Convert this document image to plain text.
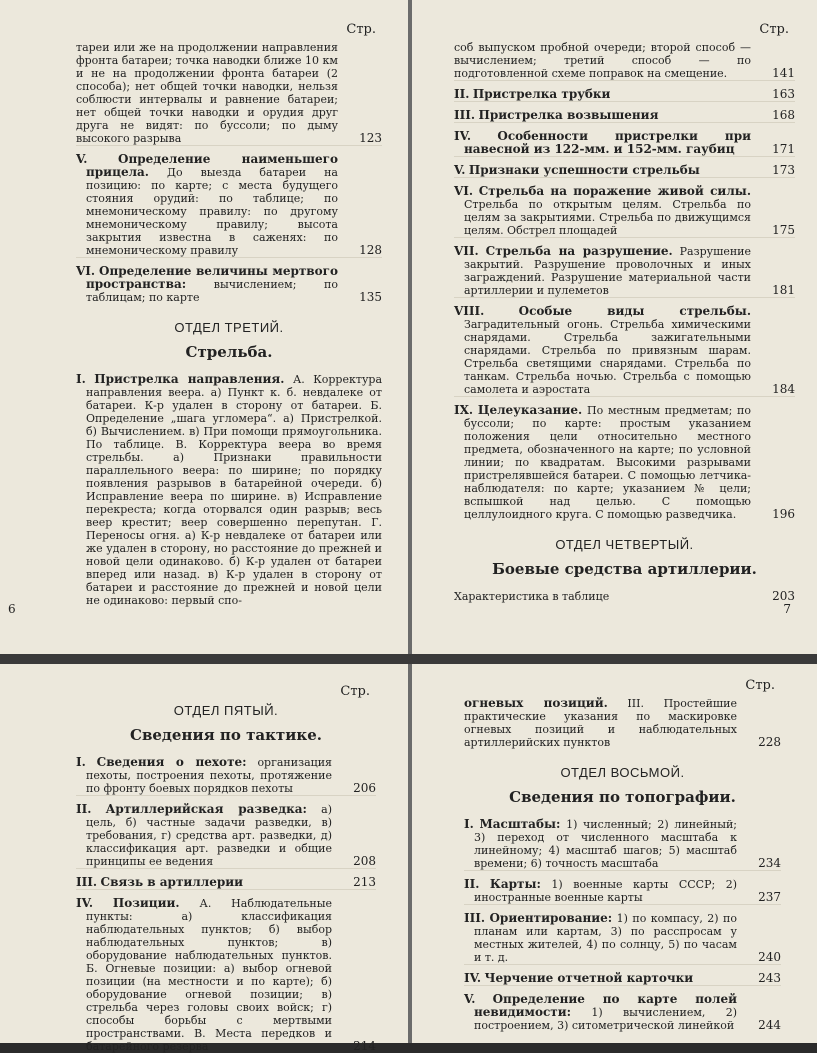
Стр.
тареи или же на продолжении направления фронта батареи; точка наводки ближе 10 км и не на продолжении фронта батареи (2 способа); нет общей точки наводки, нельзя соблюсти интервалы и равнение батареи; нет общей точки наводки и орудия друг друга не видят: по буссоли; по дыму высокого разрыва	123
V.	Определение наименьшего прицела. До выезда батареи на позицию: по карте; с места будущего стояния орудий: по таблице; по мнемоническому правилу: по другому мнемоническому правилу; высота закрытия известна в саженях: по мнемоническому правилу	128
VI. Определение величины мертвого пространства:	вычислением; по таблицам; по карте	135
ОТДЕЛ ТРЕТИЙ.
Стрельба.
I. Пристрелка направления. А. Корректура направления веера. а) Пункт к. б. невдалеке от батареи. К-р удален в сторону от батареи. Б. Определение „шага угломера“. а) Пристрелкой. б) Вычислением. в) При помощи прямоугольника. По таблице. В. Корректура веера во время стрельбы. а) Признаки правильности параллельного веера: по ширине; по порядку появления разрывов в батарейной очереди. б) Исправление веера по ширине. в) Исправление перекреста; когда оторвался один разрыв; весь веер крестит; веер совершенно перепутан. Г. Переносы огня. а) К-р невдалеке от батареи или же удален в сторону, но расстояние до прежней и новой цели одинаково. б) К-р удален от батареи вперед или назад. в) К-р удален в сторону от батареи и расстояние до прежней и новой цели не одинаково: первый спо-
6
Стр.
соб выпуском пробной очереди; второй способ — вычислением; третий способ — по подготовленной схеме поправок на смещение.	141
II. Пристрелка трубки	163
III. Пристрелка возвышения	168
IV. Особенности пристрелки при навесной из 122-мм. и 152-мм. гаубиц	171
V. Признаки успешности стрельбы	173
VI. Стрельба на поражение живой силы. Стрельба по открытым целям. Стрельба по целям за закрытиями. Стрельба по движущимся целям. Обстрел площадей	175
VII. Стрельба на разрушение. Разрушение закрытий. Разрушение проволочных и иных заграждений. Разрушение материальной части артиллерии и пулеметов	181
VIII.	Особые виды стрельбы. Заградительный огонь. Стрельба химическими снарядами. Стрельба зажигательными снарядами. Стрельба по привязным шарам. Стрельба светящими снарядами. Стрельба по танкам. Стрельба ночью. Стрельба с помощью самолета и аэростата	184
IX. Целеуказание. По местным предметам; по буссоли; по карте: простым указанием положения цели относительно местного предмета, обозначенного на карте; по условной линии; по квадратам. Высокими разрывами пристрелявшейся батареи. С помощью летчика-наблюдателя: по карте; указанием № цели; вспышкой над целью. С помощью целлулоидного круга. С помощью разведчика.	196
ОТДЕЛ ЧЕТВЕРТЫЙ.
Боевые средства артиллерии.
Характеристика в таблице	203
7
Стр.
ОТДЕЛ ПЯТЫЙ.
Сведения по тактике.
I. Сведения о пехоте: организация пехоты, построения пехоты, протяжение по фронту боевых порядков пехоты	206
II. Артиллерийская разведка: а) цель, б) частные задачи разведки, в) требования, г) средства арт. разведки, д) классификация арт. разведки и общие принципы ее ведения	208
III. Связь в артиллерии	213
IV. Позиции. А. Наблюдательные пункты: а) классификация наблюдательных пунктов; б) выбор наблюдательных пунктов; в) оборудование наблюдательных пунктов. Б. Огневые позиции: а) выбор огневой позиции (на местности и по карте); б) оборудование огневой позиции; в) стрельба через головы своих войск; г) способы борьбы с мертвыми пространствами. В. Места передков и батарейного резерва	214
Стр.
огневых позиций. III. Простейшие практические указания по маскировке огневых позиций и наблюдательных артиллерийских пунктов	228
ОТДЕЛ ВОСЬМОЙ.
Сведения по топографии.
I. Масштабы: 1) численный; 2) линейный; 3) переход от численного масштаба к линейному; 4) масштаб шагов; 5) масштаб времени; 6) точность масштаба	234
II. Карты: 1) военные карты СССР; 2) иностранные военные карты	237
III. Ориентирование: 1) по компасу, 2) по планам или картам, 3) по расспросам у местных жителей, 4) по солнцу, 5) по часам и т. д.	240
IV. Черчение отчетной карточки	243
V. Определение по карте полей невидимости: 1) вычислением, 2) построением, 3) ситометрической линейкой 244
